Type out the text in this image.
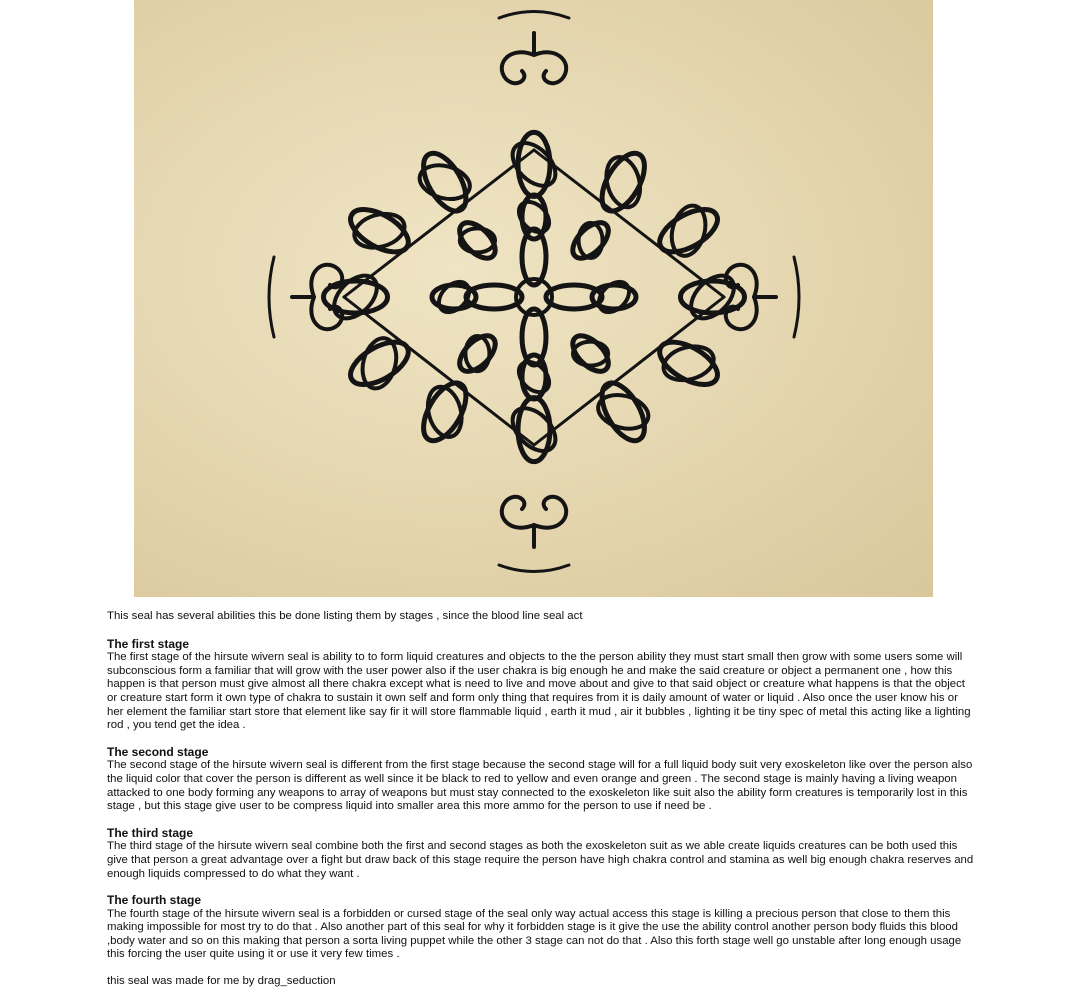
This seal has several abilities this be done listing them by stages , since the blood line seal act

The first stage

The first stage of the hirsute wivern seal is ability to to form liquid creatures and objects to the the person ability they must start small then grow with some users some will subconscious form a familiar that will grow with the user power also if the user chakra is big enough he and make the said creature or object a permanent one , how this happen is that person must give almost all there chakra except what is need to live and move about and give to that said object or creature what happens is that the object or creature start form it own type of chakra to sustain it own self and form only thing that requires from it is daily amount of water or liquid . Also once the user know his or her element the familiar start store that element like say fir it will store flammable liquid , earth it mud , air it bubbles , lighting it be tiny spec of metal this acting like a lighting rod , you tend get the idea .

The second stage

The second stage of the hirsute wivern seal is different from the first stage because the second stage will for a full liquid body suit very exoskeleton like over the person also the liquid color that cover the person is different as well since it be black to red to yellow and even orange and green . The second stage is mainly having a living weapon attacked to one body forming any weapons to array of weapons but must stay connected to the exoskeleton like suit also the ability form creatures is temporarily lost in this stage , but this stage give user to be compress liquid into smaller area this more ammo for the person to use if need be .

The third stage

The third stage of the hirsute wivern seal combine both the first and second stages as both the exoskeleton suit as we able create liquids creatures can be both used this give that person a great advantage over a fight but draw back of this stage require the person have high chakra control and stamina as well big enough chakra reserves and enough liquids compressed to do what they want .

The fourth stage

The fourth stage of the hirsute wivern seal is a forbidden or cursed stage of the seal only way actual access this stage is killing a precious person that close to them this making impossible for most try to do that . Also another part of this seal for why it forbidden stage is it give the use the ability control another person body fluids this blood ,body water and so on this making that person a sorta living puppet while the other 3 stage can not do that . Also this forth stage well go unstable after long enough usage this forcing the user quite using it or use it very few times .

this seal was made for me by drag_seduction
